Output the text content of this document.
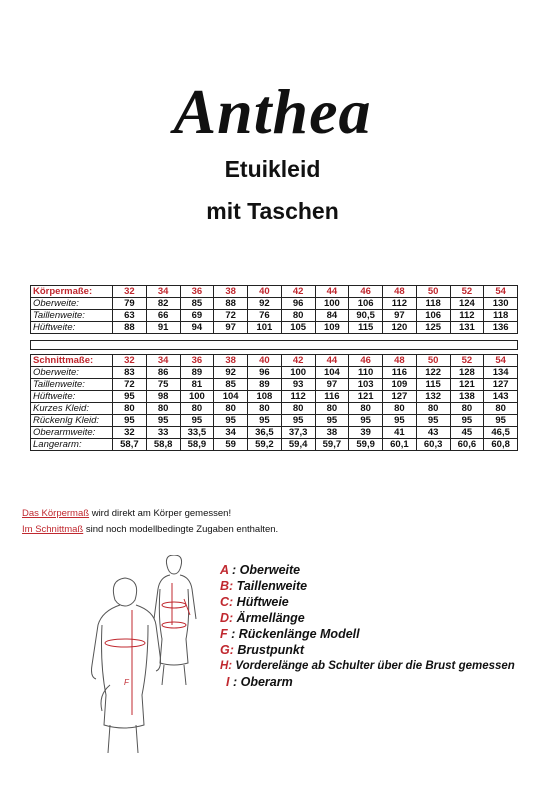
Anthea
Etuikleid
mit Taschen
Körpermaße:	32	34	36	38	40	42	44	46	48	50	52	54
Oberweite:	79	82	85	88	92	96	100	106	112	118	124	130
Taillenweite:	63	66	69	72	76	80	84	90,5	97	106	112	118
Hüftweite:	88	91	94	97	101	105	109	115	120	125	131	136
Schnittmaße:	32	34	36	38	40	42	44	46	48	50	52	54
Oberweite:	83	86	89	92	96	100	104	110	116	122	128	134
Taillenweite:	72	75	81	85	89	93	97	103	109	115	121	127
Hüftweite:	95	98	100	104	108	112	116	121	127	132	138	143
Kurzes Kleid:	80	80	80	80	80	80	80	80	80	80	80	80
Rückenlg Kleid:	95	95	95	95	95	95	95	95	95	95	95	95
Oberarmweite:	32	33	33,5	34	36,5	37,3	38	39	41	43	45	46,5
Langerarm:	58,7	58,8	58,9	59	59,2	59,4	59,7	59,9	60,1	60,3	60,6	60,8
Das Körpermaß wird direkt am Körper gemessen!
Im Schnittmaß sind noch modellbedingte Zugaben enthalten.
F
A : Oberweite
B: Taillenweite
C: Hüftweie
D: Ärmellänge
F : Rückenlänge Modell
G: Brustpunkt
H: Vorderelänge ab Schulter über die Brust gemessen
I : Oberarm
